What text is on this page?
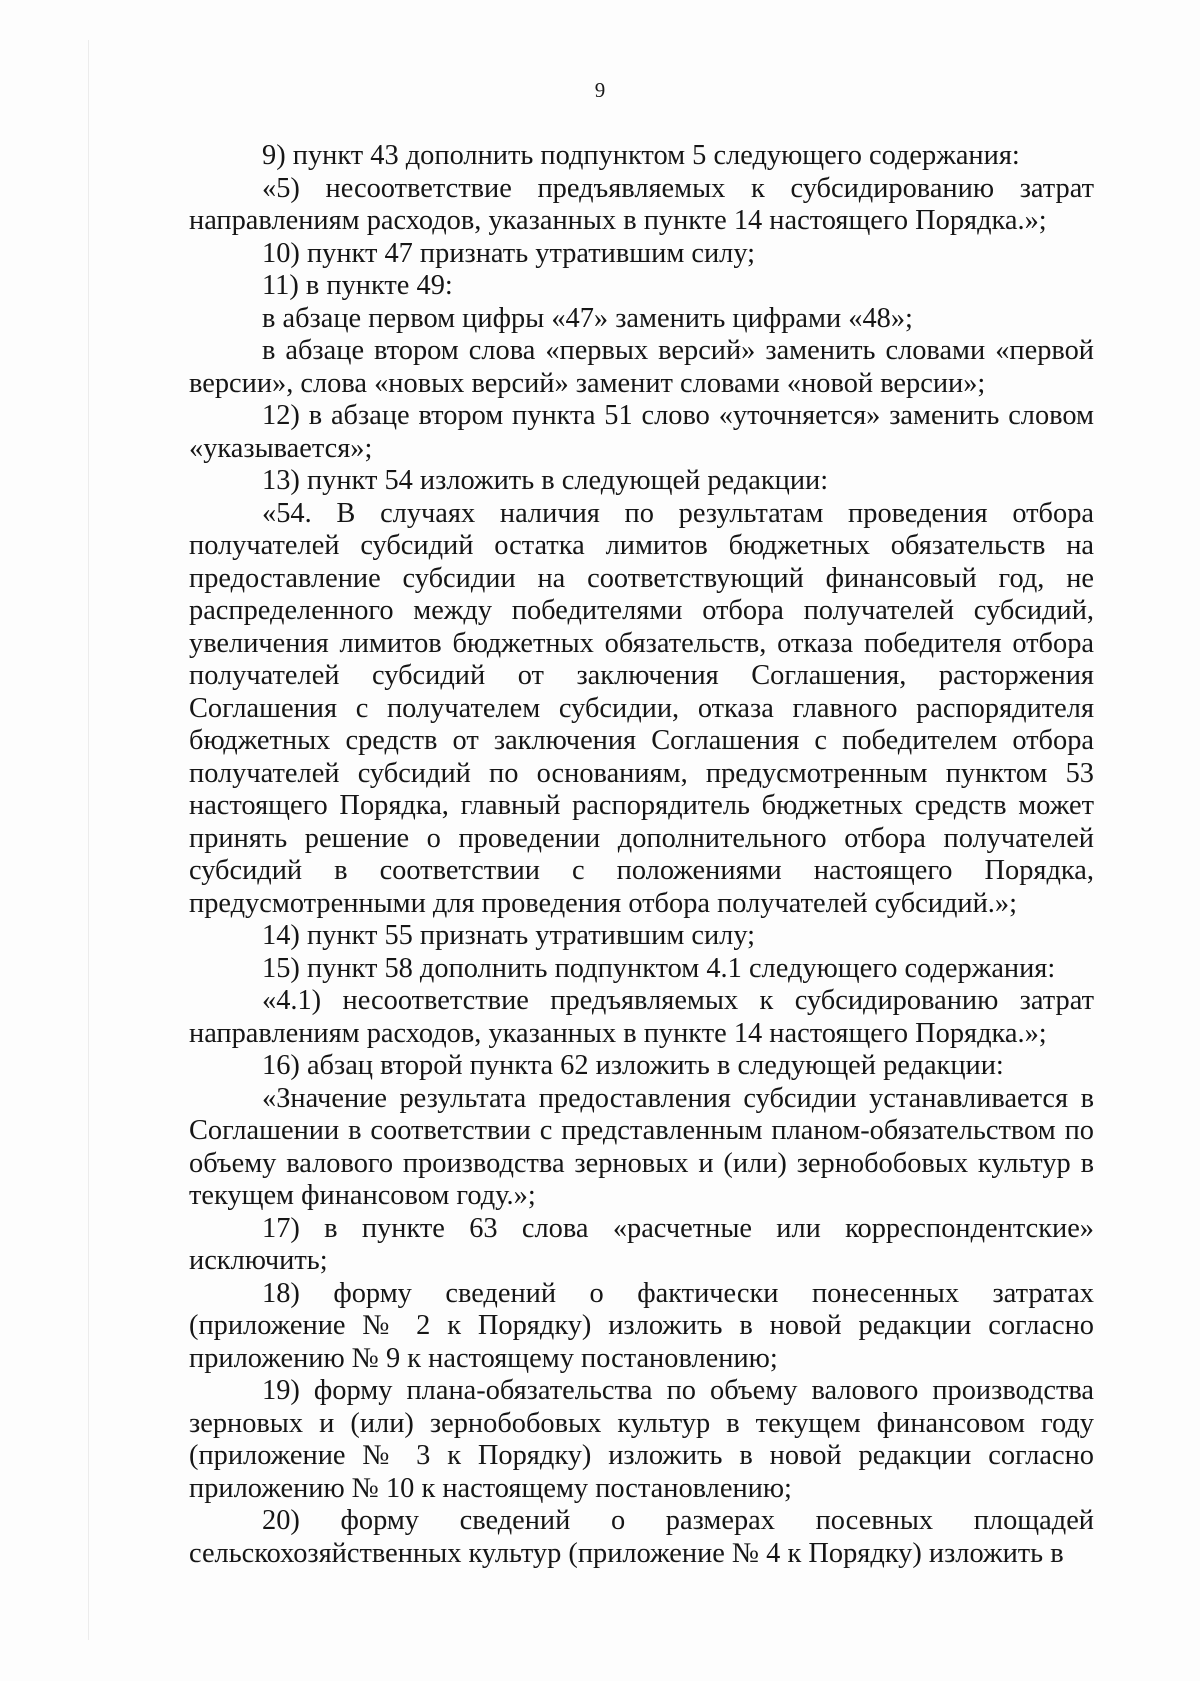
9

9) пункт 43 дополнить подпунктом 5 следующего содержания:

«5) несоответствие предъявляемых к субсидированию затрат направлениям расходов, указанных в пункте 14 настоящего Порядка.»;

10) пункт 47 признать утратившим силу;

11) в пункте 49:

в абзаце первом цифры «47» заменить цифрами «48»;

в абзаце втором слова «первых версий» заменить словами «первой версии», слова «новых версий» заменит словами «новой версии»;

12) в абзаце втором пункта 51 слово «уточняется» заменить словом «указывается»;

13) пункт 54 изложить в следующей редакции:

«54. В случаях наличия по результатам проведения отбора получателей субсидий остатка лимитов бюджетных обязательств на предоставление субсидии на соответствующий финансовый год, не распределенного между победителями отбора получателей субсидий, увеличения лимитов бюджетных обязательств, отказа победителя отбора получателей субсидий от заключения Соглашения, расторжения Соглашения с получателем субсидии, отказа главного распорядителя бюджетных средств от заключения Соглашения с победителем отбора получателей субсидий по основаниям, предусмотренным пунктом 53 настоящего Порядка, главный распорядитель бюджетных средств может принять решение о проведении дополнительного отбора получателей субсидий в соответствии с положениями настоящего Порядка, предусмотренными для проведения отбора получателей субсидий.»;

14) пункт 55 признать утратившим силу;

15) пункт 58 дополнить подпунктом 4.1 следующего содержания:

«4.1) несоответствие предъявляемых к субсидированию затрат направлениям расходов, указанных в пункте 14 настоящего Порядка.»;

16) абзац второй пункта 62 изложить в следующей редакции:

«Значение результата предоставления субсидии устанавливается в Соглашении в соответствии с представленным планом-обязательством по объему валового производства зерновых и (или) зернобобовых культур в текущем финансовом году.»;

17) в пункте 63 слова «расчетные или корреспондентские» исключить;

18) форму сведений о фактически понесенных затратах (приложение № 2 к Порядку) изложить в новой редакции согласно приложению № 9 к настоящему постановлению;

19) форму плана-обязательства по объему валового производства зерновых и (или) зернобобовых культур в текущем финансовом году (приложение № 3 к Порядку) изложить в новой редакции согласно приложению № 10 к настоящему постановлению;

20) форму сведений о размерах посевных площадей сельскохозяйственных культур (приложение № 4 к Порядку) изложить в
